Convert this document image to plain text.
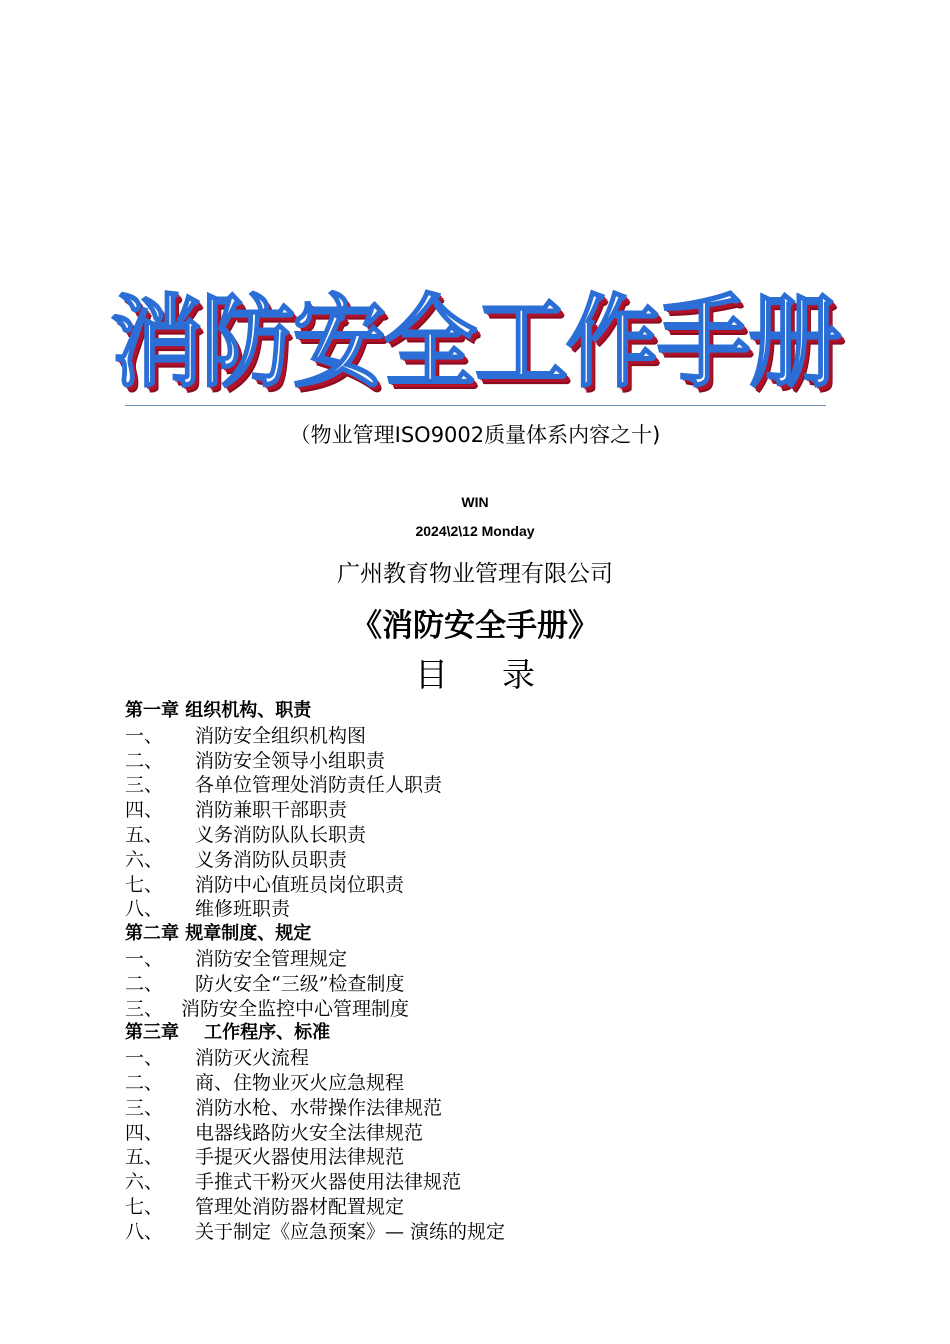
消防安全工作手册
（物业管理ISO9002质量体系内容之十)
WIN
2024\2\12 Monday
广州教育物业管理有限公司
《消防安全手册》
目录
第一章 组织机构、职责
一、 消防安全组织机构图
二、 消防安全领导小组职责
三、 各单位管理处消防责任人职责
四、 消防兼职干部职责
五、 义务消防队队长职责
六、 义务消防队员职责
七、 消防中心值班员岗位职责
八、 维修班职责
第二章 规章制度、规定
一、 消防安全管理规定
二、 防火安全“三级”检查制度
三、 消防安全监控中心管理制度
第三章    工作程序、标准
一、 消防灭火流程
二、 商、住物业灭火应急规程
三、 消防水枪、水带操作法律规范
四、 电器线路防火安全法律规范
五、 手提灭火器使用法律规范
六、 手推式干粉灭火器使用法律规范
七、 管理处消防器材配置规定
八、 关于制定《应急预案》— 演练的规定
